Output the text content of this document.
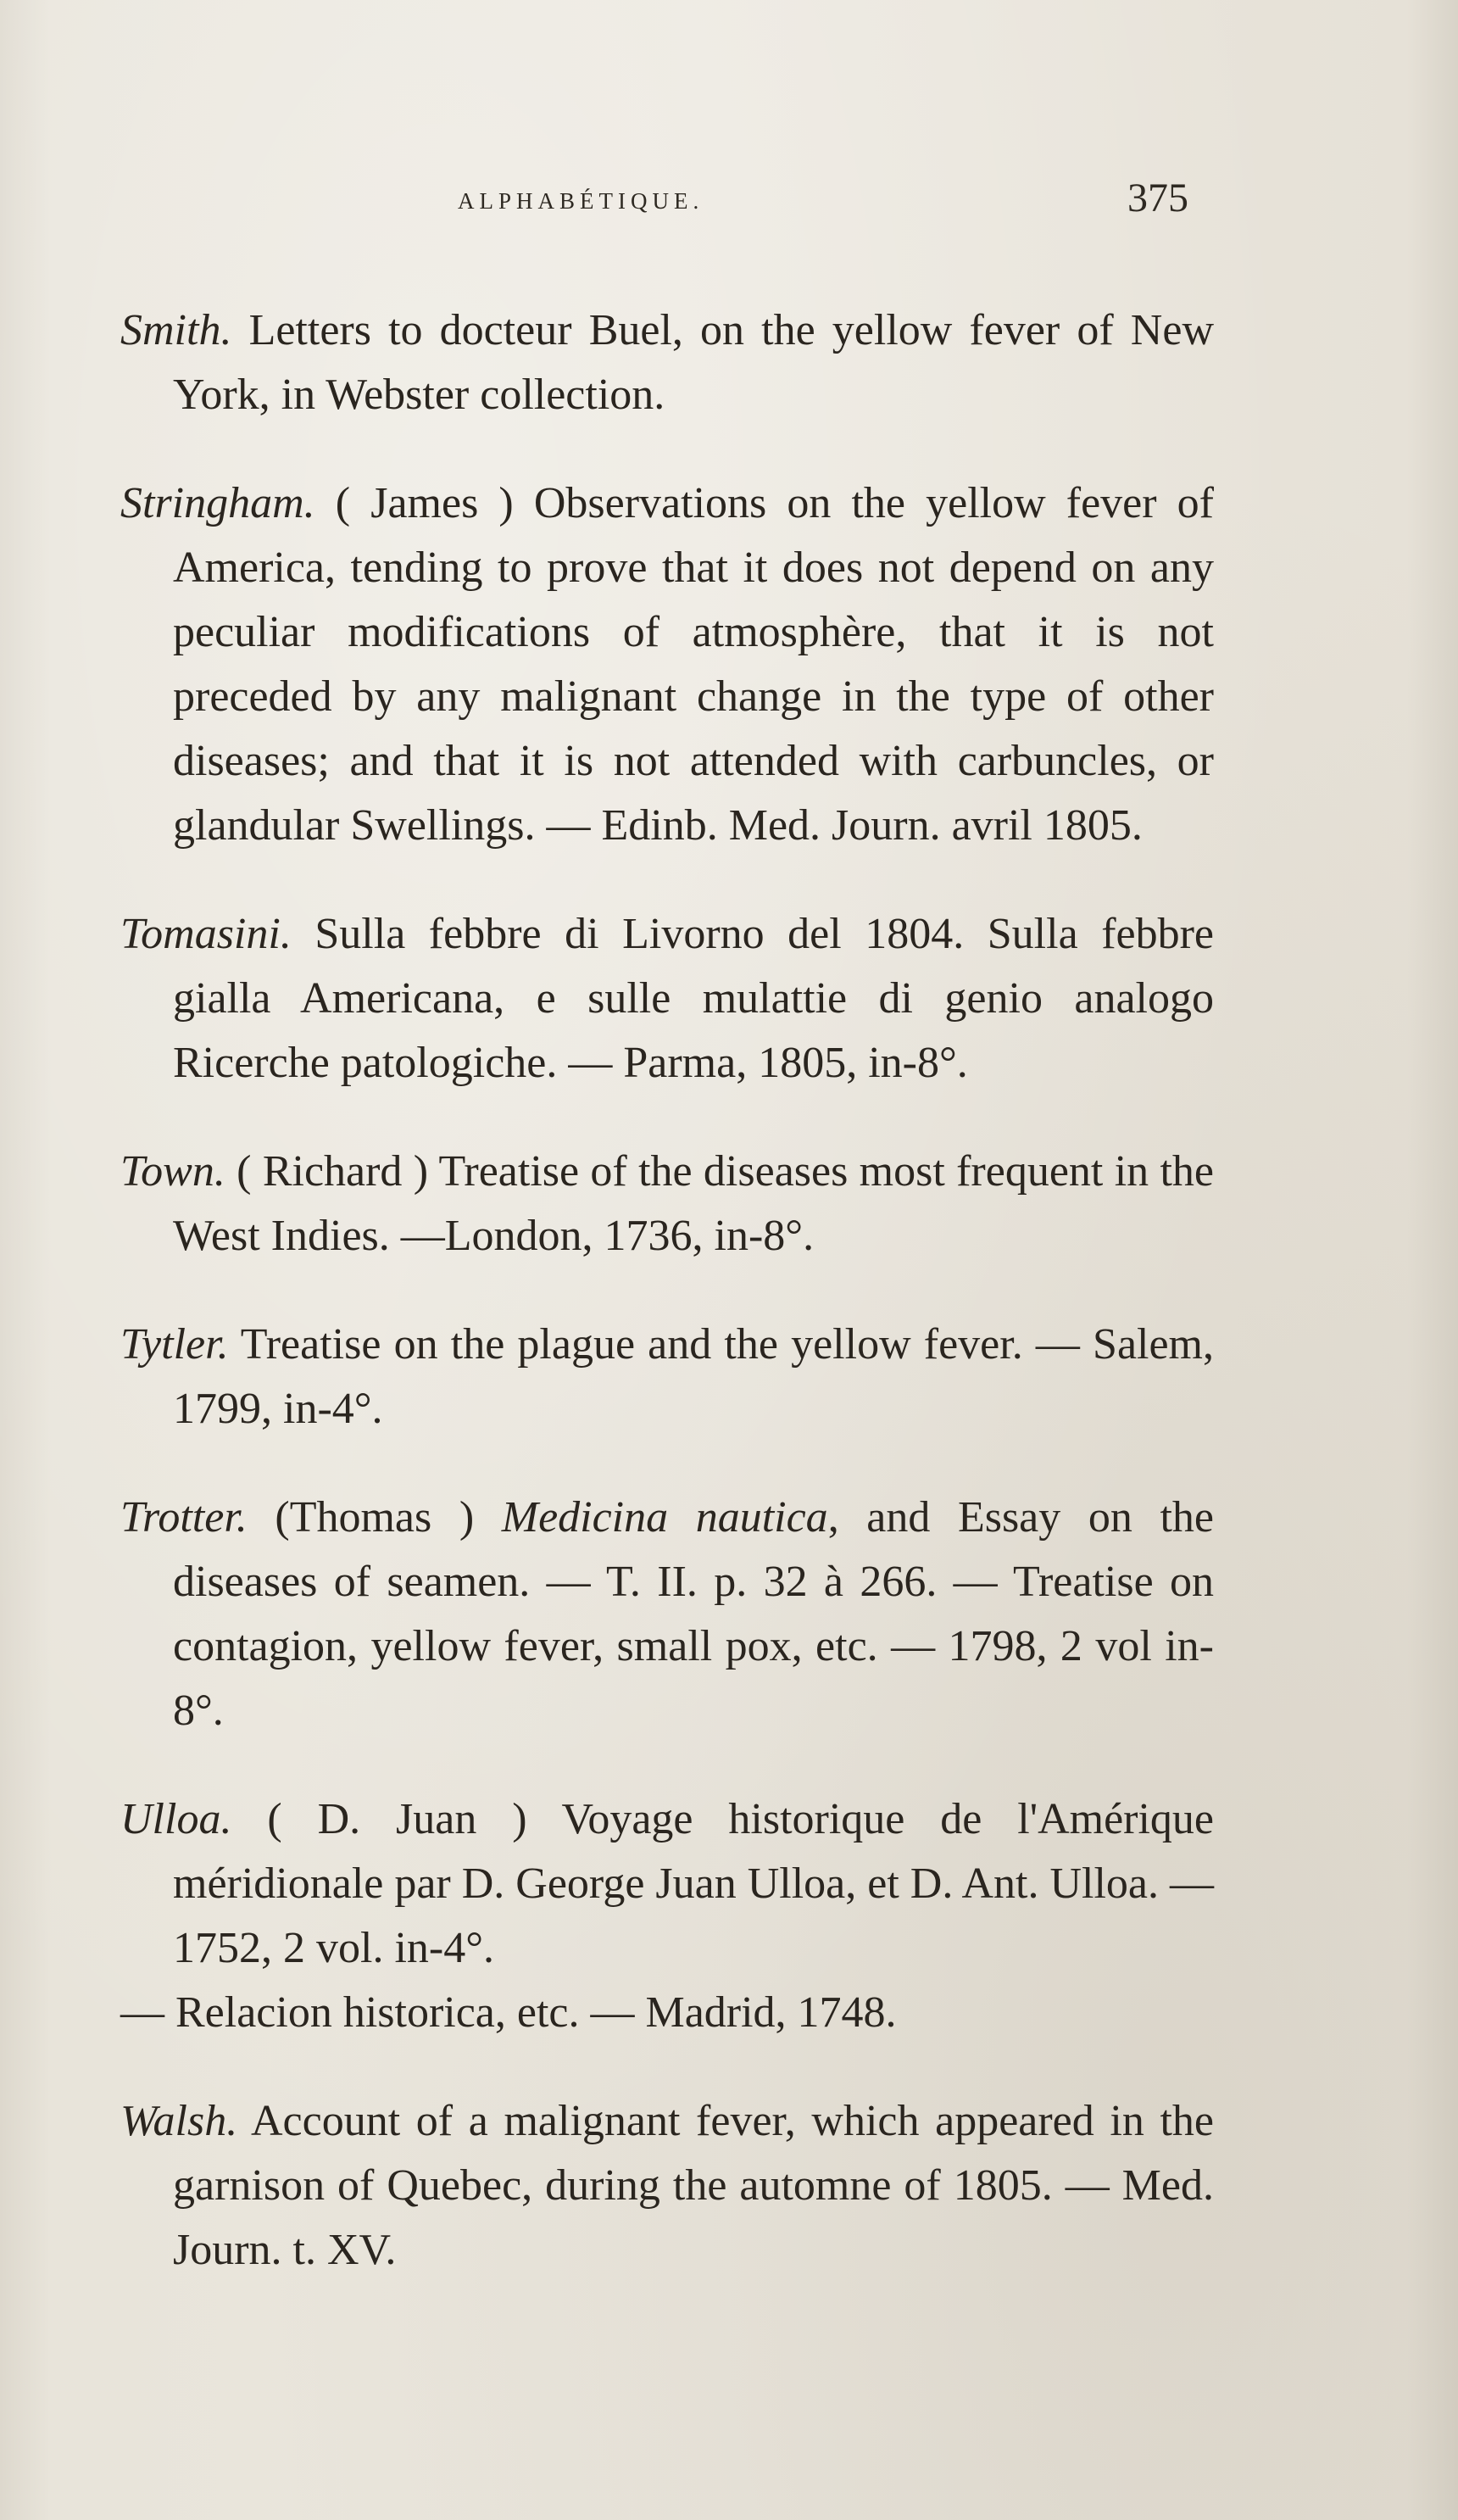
ALPHABÉTIQUE.	375

Smith. Letters to docteur Buel, on the yellow fever of New York, in Webster collection.

Stringham. ( James ) Observations on the yellow fever of America, tending to prove that it does not depend on any peculiar modifications of atmosphère, that it is not preceded by any malignant change in the type of other diseases; and that it is not attended with carbuncles, or glandular Swellings. — Edinb. Med. Journ. avril 1805.

Tomasini. Sulla febbre di Livorno del 1804. Sulla febbre gialla Americana, e sulle mulattie di genio analogo Ricerche patologiche. — Parma, 1805, in-8°.

Town. ( Richard ) Treatise of the diseases most frequent in the West Indies. —London, 1736, in-8°.

Tytler. Treatise on the plague and the yellow fever. — Salem, 1799, in-4°.

Trotter. (Thomas ) Medicina nautica, and Essay on the diseases of seamen. — T. II. p. 32 à 266. — Treatise on contagion, yellow fever, small pox, etc. — 1798, 2 vol in-8°.

Ulloa. ( D. Juan ) Voyage historique de l'Amérique méridionale par D. George Juan Ulloa, et D. Ant. Ulloa. — 1752, 2 vol. in-4°.

— Relacion historica, etc. — Madrid, 1748.

Walsh. Account of a malignant fever, which appeared in the garnison of Quebec, during the automne of 1805. — Med. Journ. t. XV.
